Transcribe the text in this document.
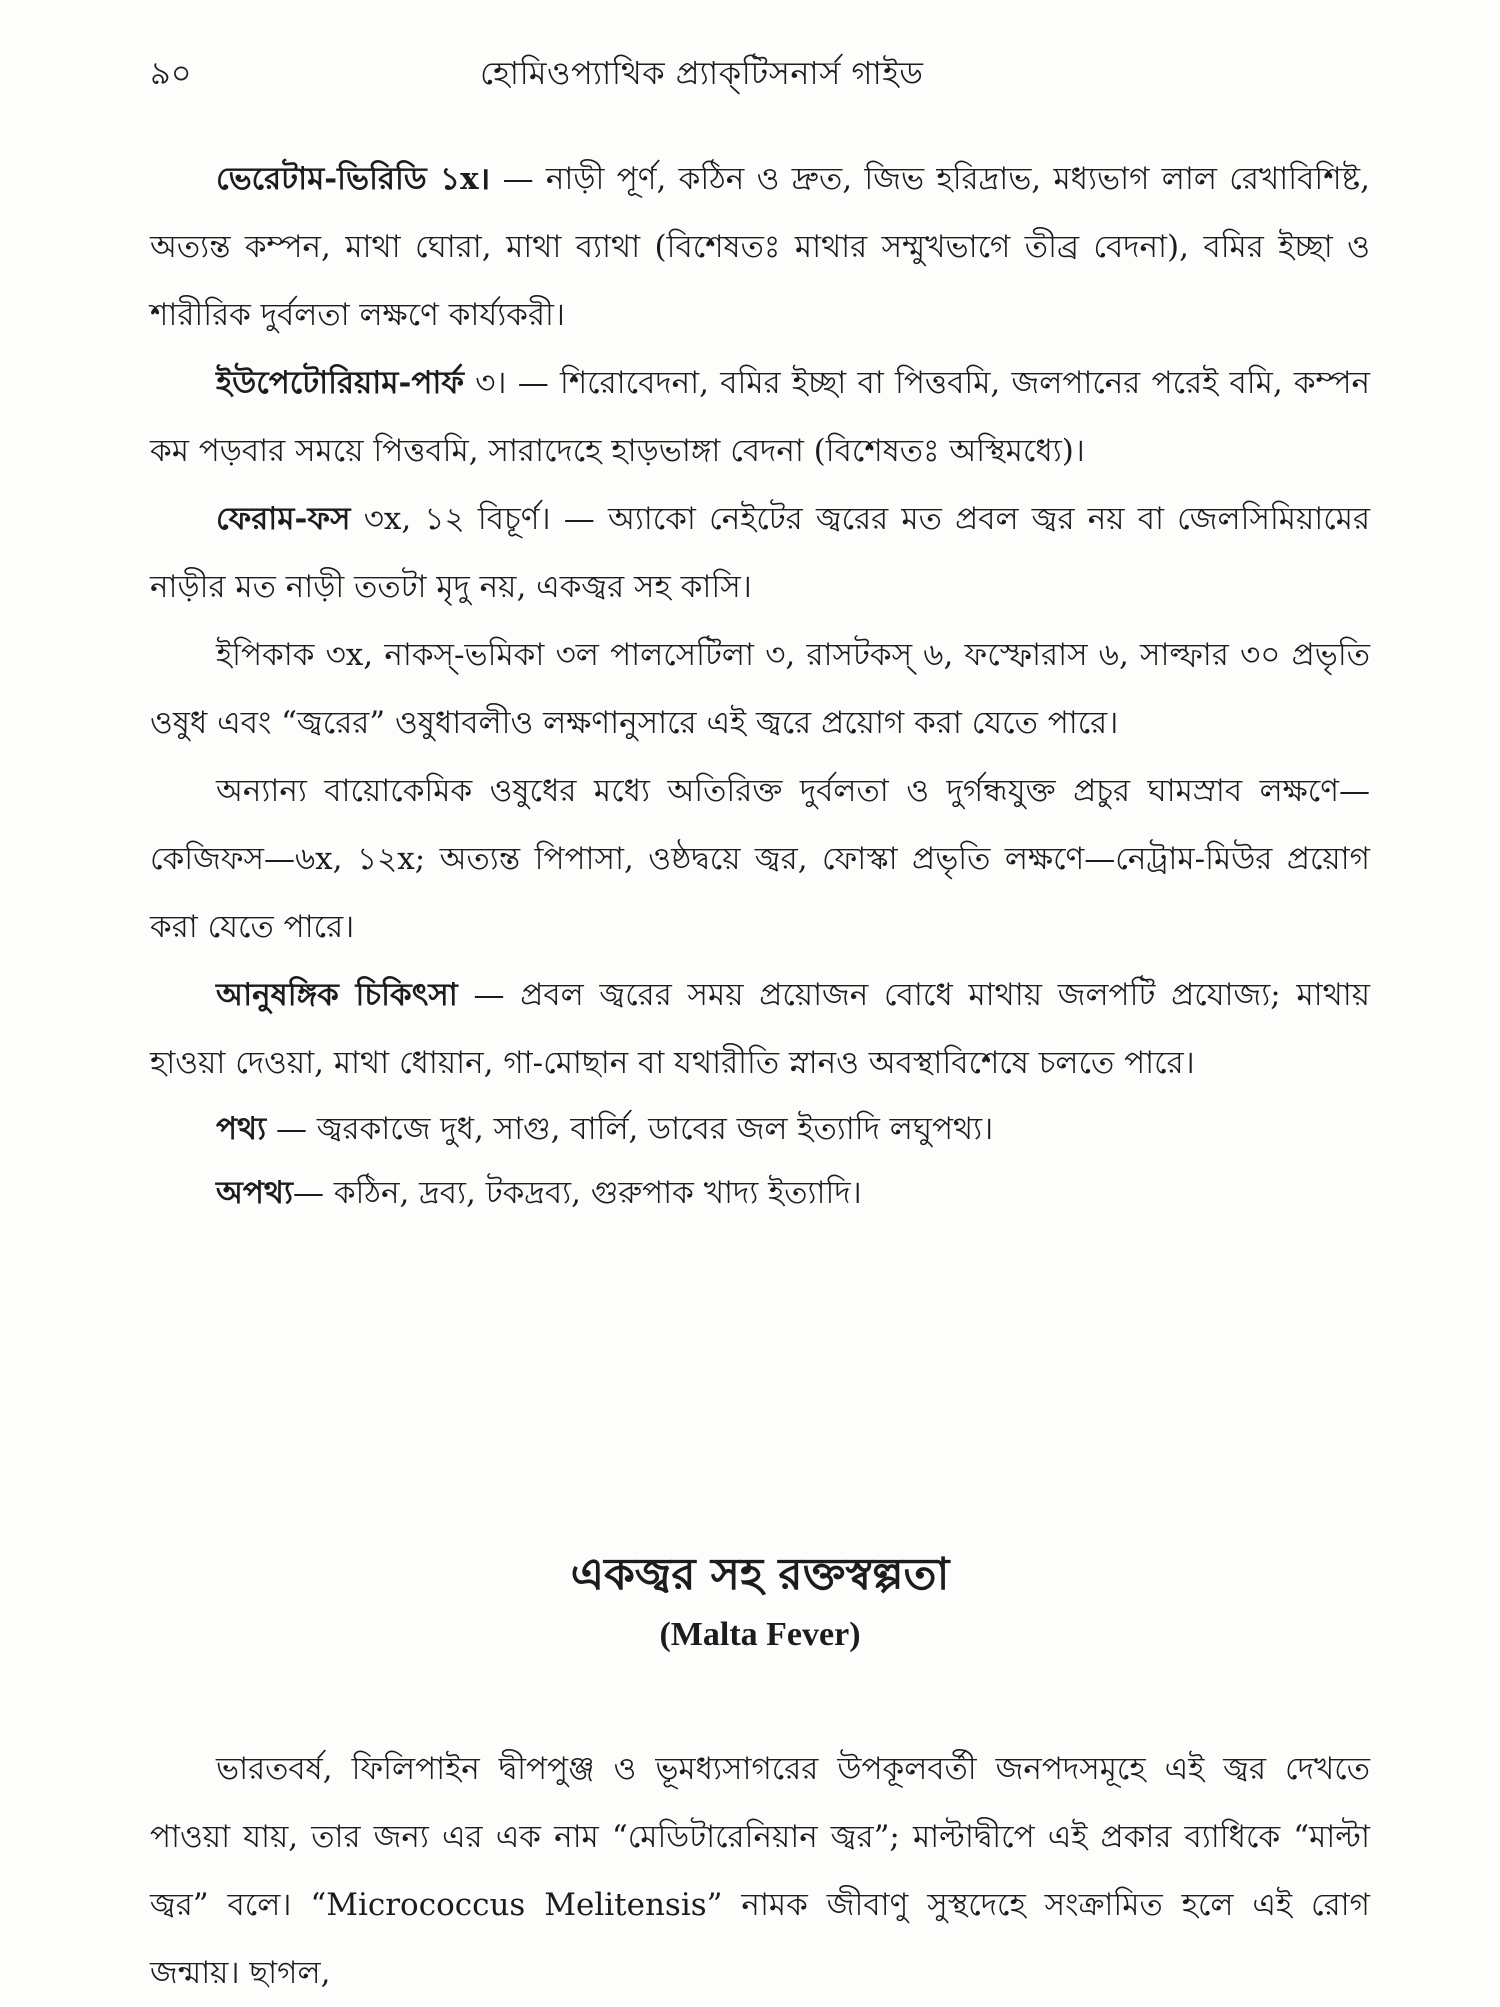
৯০	হোমিওপ্যাথিক প্র্যাক্‌টিসনার্স গাইড

ভেরেটাম-ভিরিডি ১x। — নাড়ী পূর্ণ, কঠিন ও দ্রুত, জিভ হরিদ্রাভ, মধ্যভাগ লাল রেখাবিশিষ্ট, অত্যন্ত কম্পন, মাথা ঘোরা, মাথা ব্যাথা (বিশেষতঃ মাথার সম্মুখভাগে তীব্র বেদনা), বমির ইচ্ছা ও শারীরিক দুর্বলতা লক্ষণে কার্য্যকরী।

ইউপেটোরিয়াম-পার্ফ ৩। — শিরোবেদনা, বমির ইচ্ছা বা পিত্তবমি, জলপানের পরেই বমি, কম্পন কম পড়বার সময়ে পিত্তবমি, সারাদেহে হাড়ভাঙ্গা বেদনা (বিশেষতঃ অস্থিমধ্যে)।

ফেরাম-ফস ৩x, ১২ বিচূর্ণ। — অ্যাকো নেইটের জ্বরের মত প্রবল জ্বর নয় বা জেলসিমিয়ামের নাড়ীর মত নাড়ী ততটা মৃদু নয়, একজ্বর সহ কাসি।

ইপিকাক ৩x, নাকস্‌-ভমিকা ৩ল পালসেটিলা ৩, রাসটকস্‌ ৬, ফস্ফোরাস ৬, সাল্ফার ৩০ প্রভৃতি ওষুধ এবং “জ্বরের” ওষুধাবলীও লক্ষণানুসারে এই জ্বরে প্রয়োগ করা যেতে পারে।

অন্যান্য বায়োকেমিক ওষুধের মধ্যে অতিরিক্ত দুর্বলতা ও দুর্গন্ধযুক্ত প্রচুর ঘামস্রাব লক্ষণে—কেজিফস—৬x, ১২x; অত্যন্ত পিপাসা, ওষ্ঠদ্বয়ে জ্বর, ফোস্কা প্রভৃতি লক্ষণে—নেট্রাম-মিউর প্রয়োগ করা যেতে পারে।

আনুষঙ্গিক চিকিৎসা — প্রবল জ্বরের সময় প্রয়োজন বোধে মাথায় জলপটি প্রযোজ্য; মাথায় হাওয়া দেওয়া, মাথা ধোয়ান, গা-মোছান বা যথারীতি স্নানও অবস্থাবিশেষে চলতে পারে।

পথ্য — জ্বরকাজে দুধ, সাগু, বার্লি, ডাবের জল ইত্যাদি লঘুপথ্য।

অপথ্য— কঠিন, দ্রব্য, টকদ্রব্য, গুরুপাক খাদ্য ইত্যাদি।

একজ্বর সহ রক্তস্বল্পতা
(Malta Fever)

ভারতবর্ষ, ফিলিপাইন দ্বীপপুঞ্জ ও ভূমধ্যসাগরের উপকূলবর্তী জনপদসমূহে এই জ্বর দেখতে পাওয়া যায়, তার জন্য এর এক নাম “মেডিটারেনিয়ান জ্বর”; মাল্টাদ্বীপে এই প্রকার ব্যাধিকে “মাল্টা জ্বর” বলে। “Micrococcus Melitensis” নামক জীবাণু সুস্থদেহে সংক্রামিত হলে এই রোগ জন্মায়। ছাগল,
